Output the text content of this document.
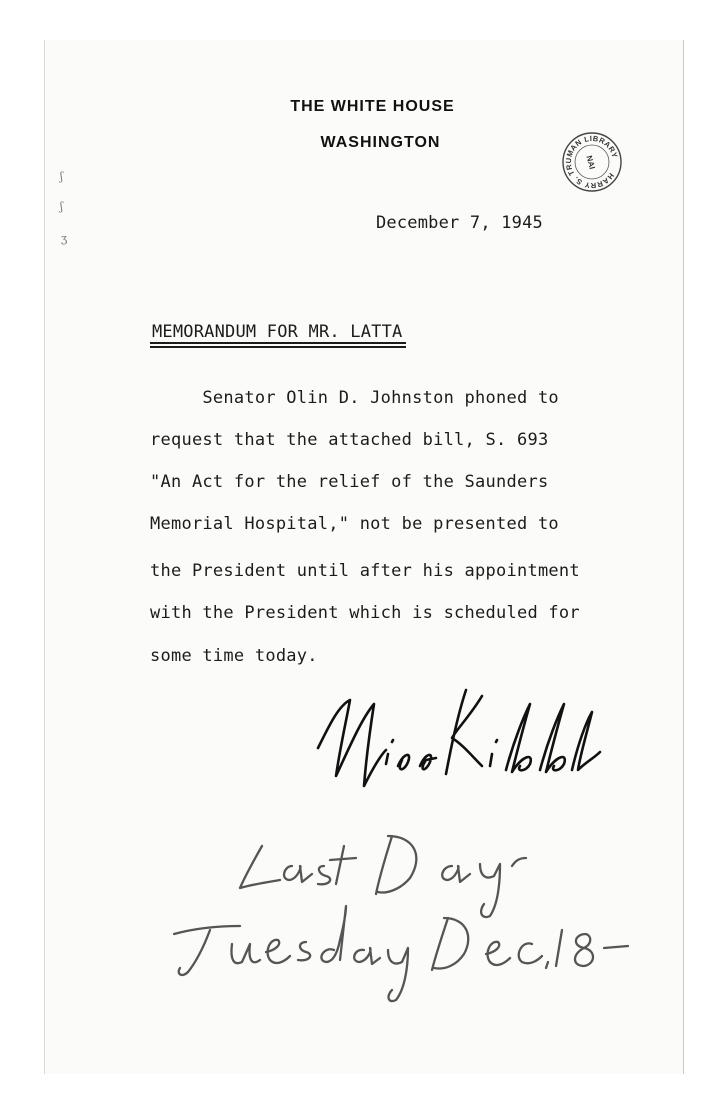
ʃ
ʃ
ʒ
THE WHITE HOUSE
WASHINGTON
HARRY S. TRUMAN LIBRARY
NAI
December 7, 1945
MEMORANDUM FOR MR. LATTA
Senator Olin D. Johnston phoned to
request that the attached bill, S. 693
"An Act for the relief of the Saunders
Memorial Hospital," not be presented to
the President until after his appointment
with the President which is scheduled for
some time today.
